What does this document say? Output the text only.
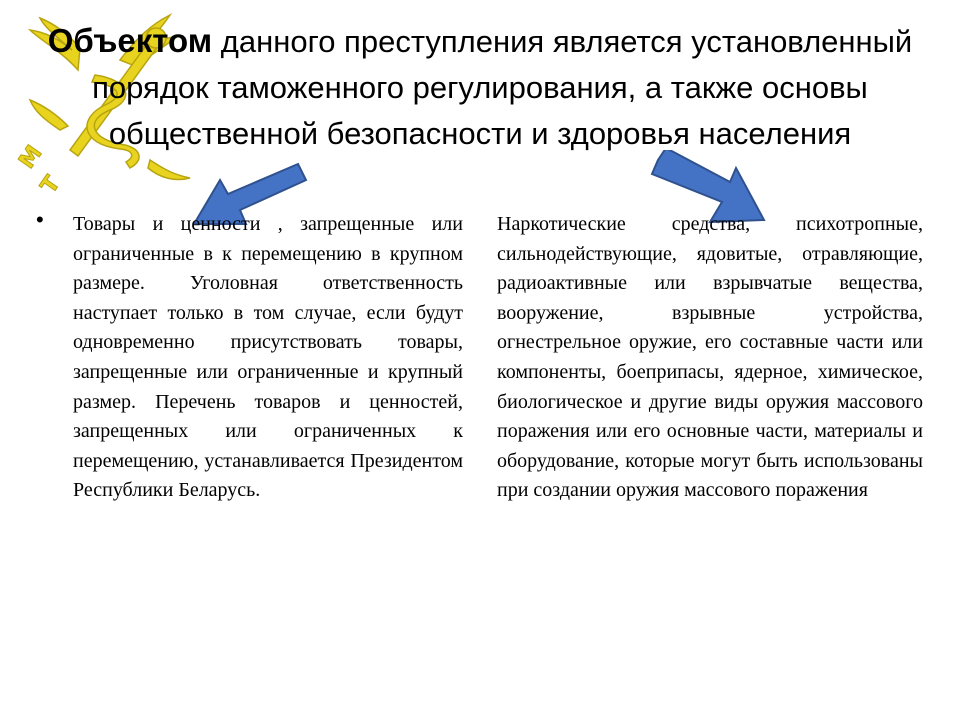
М
Т

Объектом данного преступления является установленный порядок таможенного регулирования, а также основы общественной безопасности и здоровья населения

• Товары и ценности , запрещенные или ограниченные в к перемещению в крупном размере. Уголовная ответственность наступает только в том случае, если будут одновременно присутствовать товары, запрещенные или ограниченные и крупный размер. Перечень товаров и ценностей, запрещенных или ограниченных к перемещению, устанавливается Президентом Республики Беларусь.
Наркотические средства, психотропные, сильнодействующие, ядовитые, отравляющие, радиоактивные или взрывчатые вещества, вооружение, взрывные устройства, огнестрельное оружие, его составные части или компоненты, боеприпасы, ядерное, химическое, биологическое и другие виды оружия массового поражения или его основные части, материалы и оборудование, которые могут быть использованы при создании оружия массового поражения
